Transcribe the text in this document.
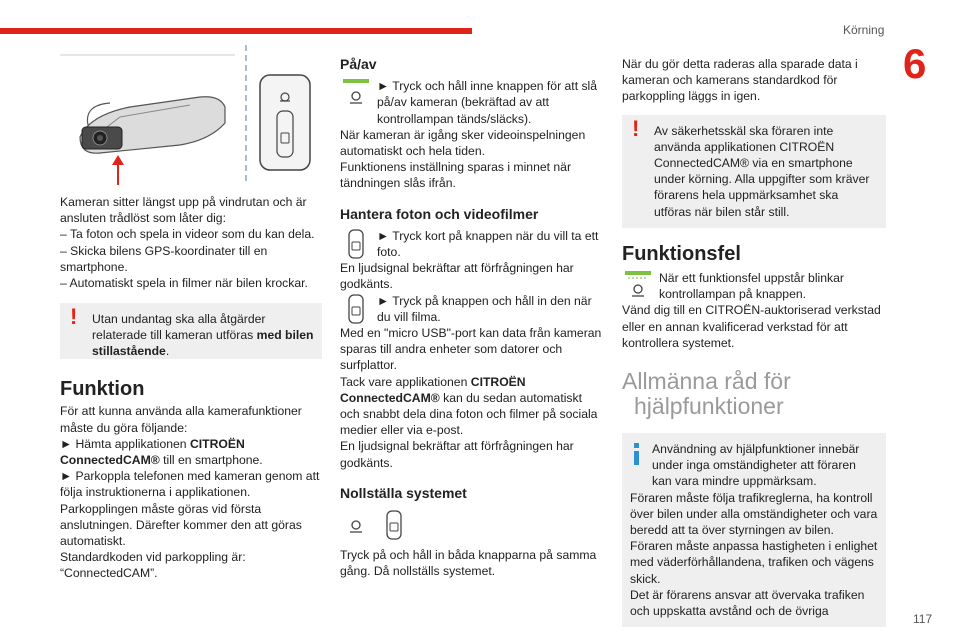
Körning
6
117
Kameran sitter längst upp på vindrutan och är ansluten trådlöst som låter dig:
– Ta foton och spela in videor som du kan dela.
– Skicka bilens GPS-koordinater till en smartphone.
– Automatiskt spela in filmer när bilen krockar.
!	Utan undantag ska alla åtgärder relaterade till kameran utföras med bilen stillastående.
Funktion
För att kunna använda alla kamerafunktioner måste du göra följande:
► Hämta applikationen CITROËN ConnectedCAM® till en smartphone.
► Parkoppla telefonen med kameran genom att följa instruktionerna i applikationen.
Parkopplingen måste göras vid första anslutningen. Därefter kommer den att göras automatiskt.
Standardkoden vid parkoppling är: “ConnectedCAM”.
På/av
► Tryck och håll inne knappen för att slå på/av kameran (bekräftad av att kontrollampan tänds/släcks).
När kameran är igång sker videoinspelningen automatiskt och hela tiden.
Funktionens inställning sparas i minnet när tändningen slås ifrån.
Hantera foton och videofilmer
► Tryck kort på knappen när du vill ta ett foto.
En ljudsignal bekräftar att förfrågningen har godkänts.
► Tryck på knappen och håll in den när du vill filma.
Med en "micro USB"-port kan data från kameran sparas till andra enheter som datorer och surfplattor.
Tack vare applikationen CITROËN ConnectedCAM® kan du sedan automatiskt och snabbt dela dina foton och filmer på sociala medier eller via e-post.
En ljudsignal bekräftar att förfrågningen har godkänts.
Nollställa systemet
Tryck på och håll in båda knapparna på samma gång. Då nollställs systemet.
När du gör detta raderas alla sparade data i kameran och kamerans standardkod för parkoppling läggs in igen.
!	Av säkerhetsskäl ska föraren inte använda applikationen CITROËN ConnectedCAM® via en smartphone under körning. Alla uppgifter som kräver förarens hela uppmärksamhet ska utföras när bilen står still.
Funktionsfel
När ett funktionsfel uppstår blinkar kontrollampan på knappen.
Vänd dig till en CITROËN-auktoriserad verkstad eller en annan kvalificerad verkstad för att kontrollera systemet.
Allmänna råd för
hjälpfunktioner
Användning av hjälpfunktioner innebär under inga omständigheter att föraren kan vara mindre uppmärksam.
Föraren måste följa trafikreglerna, ha kontroll över bilen under alla omständigheter och vara beredd att ta över styrningen av bilen.
Föraren måste anpassa hastigheten i enlighet med väderförhållandena, trafiken och vägens skick.
Det är förarens ansvar att övervaka trafiken och uppskatta avstånd och de övriga
